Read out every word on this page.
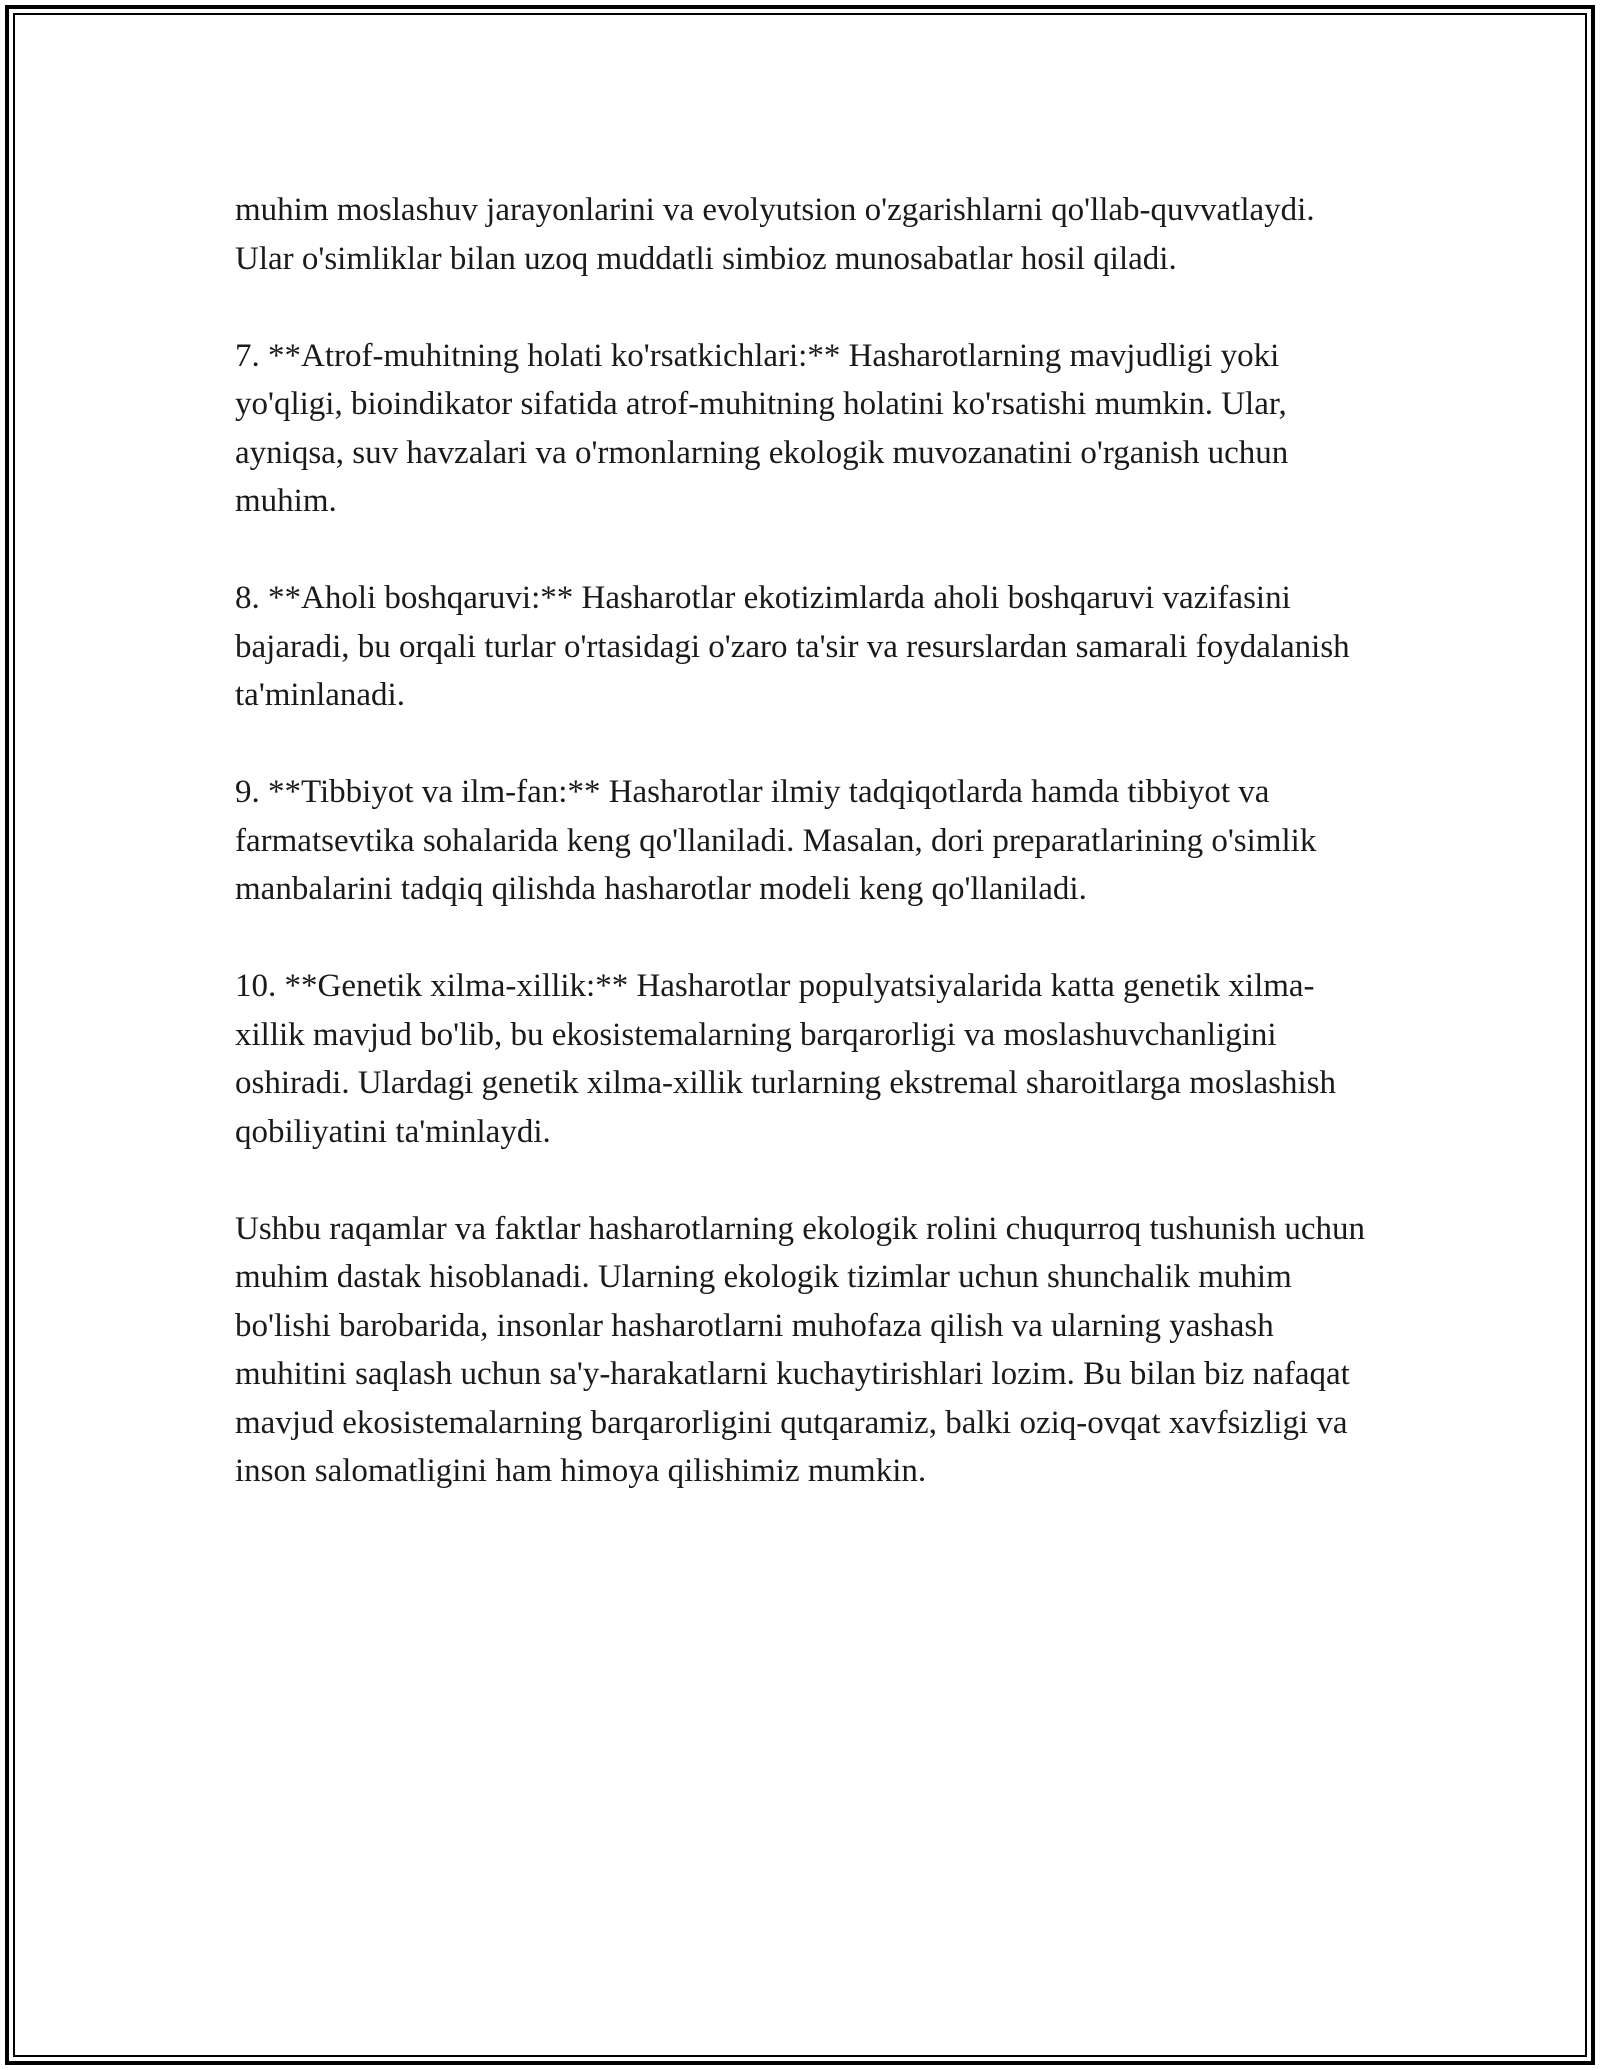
muhim moslashuv jarayonlarini va evolyutsion o'zgarishlarni qo'llab-quvvatlaydi. Ular o'simliklar bilan uzoq muddatli simbioz munosabatlar hosil qiladi.

7. **Atrof-muhitning holati ko'rsatkichlari:** Hasharotlarning mavjudligi yoki yo'qligi, bioindikator sifatida atrof-muhitning holatini ko'rsatishi mumkin. Ular, ayniqsa, suv havzalari va o'rmonlarning ekologik muvozanatini o'rganish uchun muhim.

8. **Aholi boshqaruvi:** Hasharotlar ekotizimlarda aholi boshqaruvi vazifasini bajaradi, bu orqali turlar o'rtasidagi o'zaro ta'sir va resurslardan samarali foydalanish ta'minlanadi.

9. **Tibbiyot va ilm-fan:** Hasharotlar ilmiy tadqiqotlarda hamda tibbiyot va farmatsevtika sohalarida keng qo'llaniladi. Masalan, dori preparatlarining o'simlik manbalarini tadqiq qilishda hasharotlar modeli keng qo'llaniladi.

10. **Genetik xilma-xillik:** Hasharotlar populyatsiyalarida katta genetik xilma-xillik mavjud bo'lib, bu ekosistemalarning barqarorligi va moslashuvchanligini oshiradi. Ulardagi genetik xilma-xillik turlarning ekstremal sharoitlarga moslashish qobiliyatini ta'minlaydi.

Ushbu raqamlar va faktlar hasharotlarning ekologik rolini chuqurroq tushunish uchun muhim dastak hisoblanadi. Ularning ekologik tizimlar uchun shunchalik muhim bo'lishi barobarida, insonlar hasharotlarni muhofaza qilish va ularning yashash muhitini saqlash uchun sa'y-harakatlarni kuchaytirishlari lozim. Bu bilan biz nafaqat mavjud ekosistemalarning barqarorligini qutqaramiz, balki oziq-ovqat xavfsizligi va inson salomatligini ham himoya qilishimiz mumkin.
